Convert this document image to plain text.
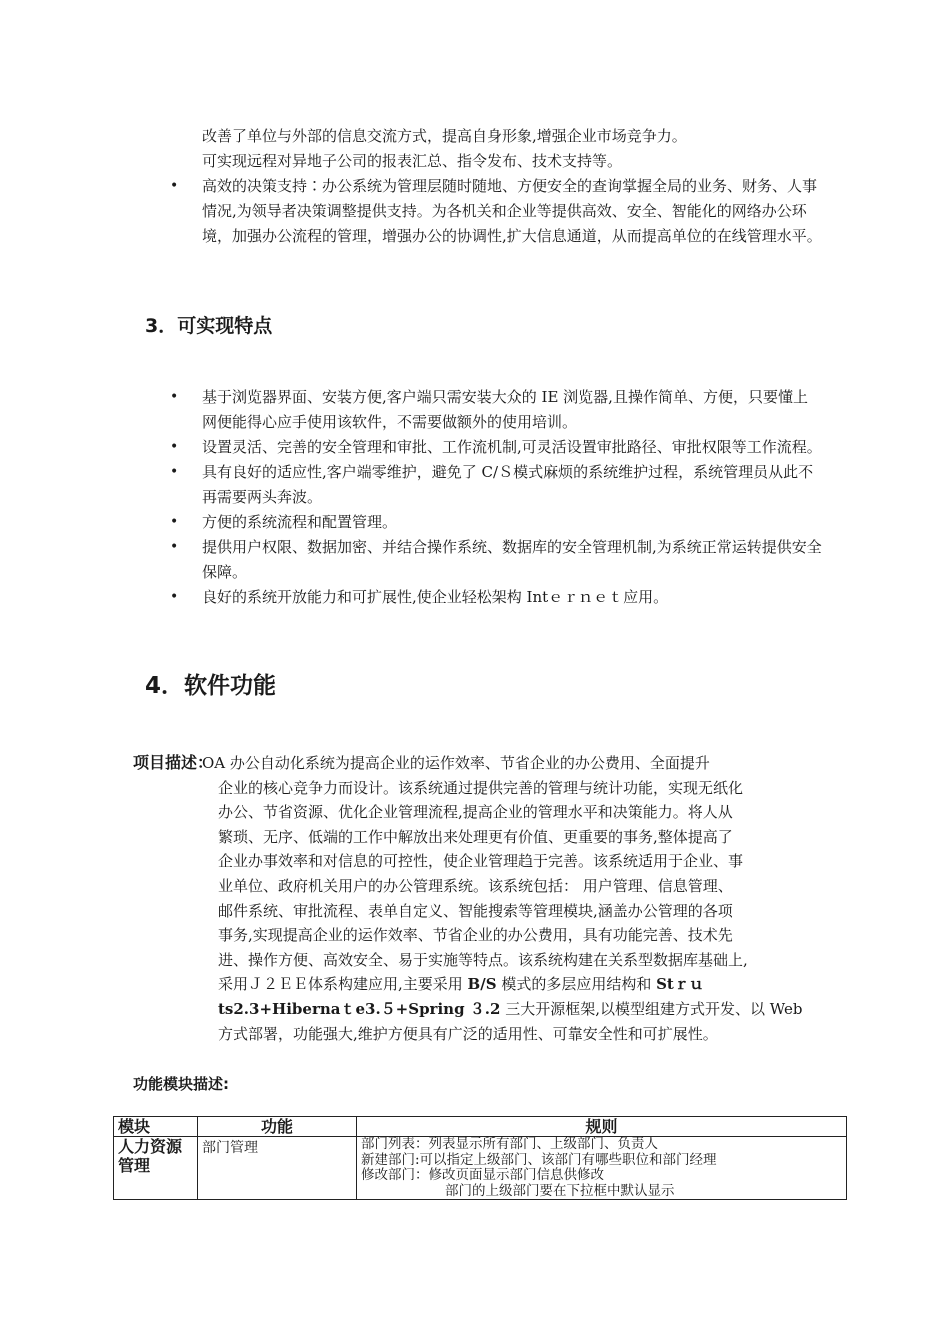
改善了单位与外部的信息交流方式，提高自身形象,增强企业市场竞争力。
可实现远程对异地子公司的报表汇总、指令发布、技术支持等。
• 高效的决策支持∶办公系统为管理层随时随地、方便安全的查询掌握全局的业务、财务、人事情况,为领导者决策调整提供支持。为各机关和企业等提供高效、安全、智能化的网络办公环境，加强办公流程的管理，增强办公的协调性,扩大信息通道，从而提高单位的在线管理水平。
3．可实现特点
• 基于浏览器界面、安装方便,客户端只需安装大众的 IE 浏览器,且操作简单、方便，只要懂上网便能得心应手使用该软件，不需要做额外的使用培训。
• 设置灵活、完善的安全管理和审批、工作流机制,可灵活设置审批路径、审批权限等工作流程。
• 具有良好的适应性,客户端零维护，避免了 C/Ｓ模式麻烦的系统维护过程，系统管理员从此不再需要两头奔波。
• 方便的系统流程和配置管理。
• 提供用户权限、数据加密、并结合操作系统、数据库的安全管理机制,为系统正常运转提供安全保障。
• 良好的系统开放能力和可扩展性,使企业轻松架构 Intｅｒｎｅｔ应用。
4．软件功能
项目描述：
OA 办公自动化系统为提高企业的运作效率、节省企业的办公费用、全面提升
企业的核心竞争力而设计。该系统通过提供完善的管理与统计功能，实现无纸化
办公、节省资源、优化企业管理流程,提高企业的管理水平和决策能力。将人从
繁琐、无序、低端的工作中解放出来处理更有价值、更重要的事务,整体提高了
企业办事效率和对信息的可控性，使企业管理趋于完善。该系统适用于企业、事
业单位、政府机关用户的办公管理系统。该系统包括： 用户管理、信息管理、
邮件系统、审批流程、表单自定义、智能搜索等管理模块,涵盖办公管理的各项
事务,实现提高企业的运作效率、节省企业的办公费用，具有功能完善、技术先
进、操作方便、高效安全、易于实施等特点。该系统构建在关系型数据库基础上,
采用Ｊ２ＥＥ体系构建应用,主要采用 B/S 模式的多层应用结构和 Stｒｕ
ts2.3+Hibernaｔe3.５+Spring ３.2 三大开源框架,以模型组建方式开发、以 Web
方式部署，功能强大,维护方便具有广泛的适用性、可靠安全性和可扩展性。
功能模块描述:
模块	功能	规则
人力资源管理	部门管理	部门列表：列表显示所有部门、上级部门、负责人
新建部门:可以指定上级部门、该部门有哪些职位和部门经理
修改部门：修改页面显示部门信息供修改
部门的上级部门要在下拉框中默认显示
